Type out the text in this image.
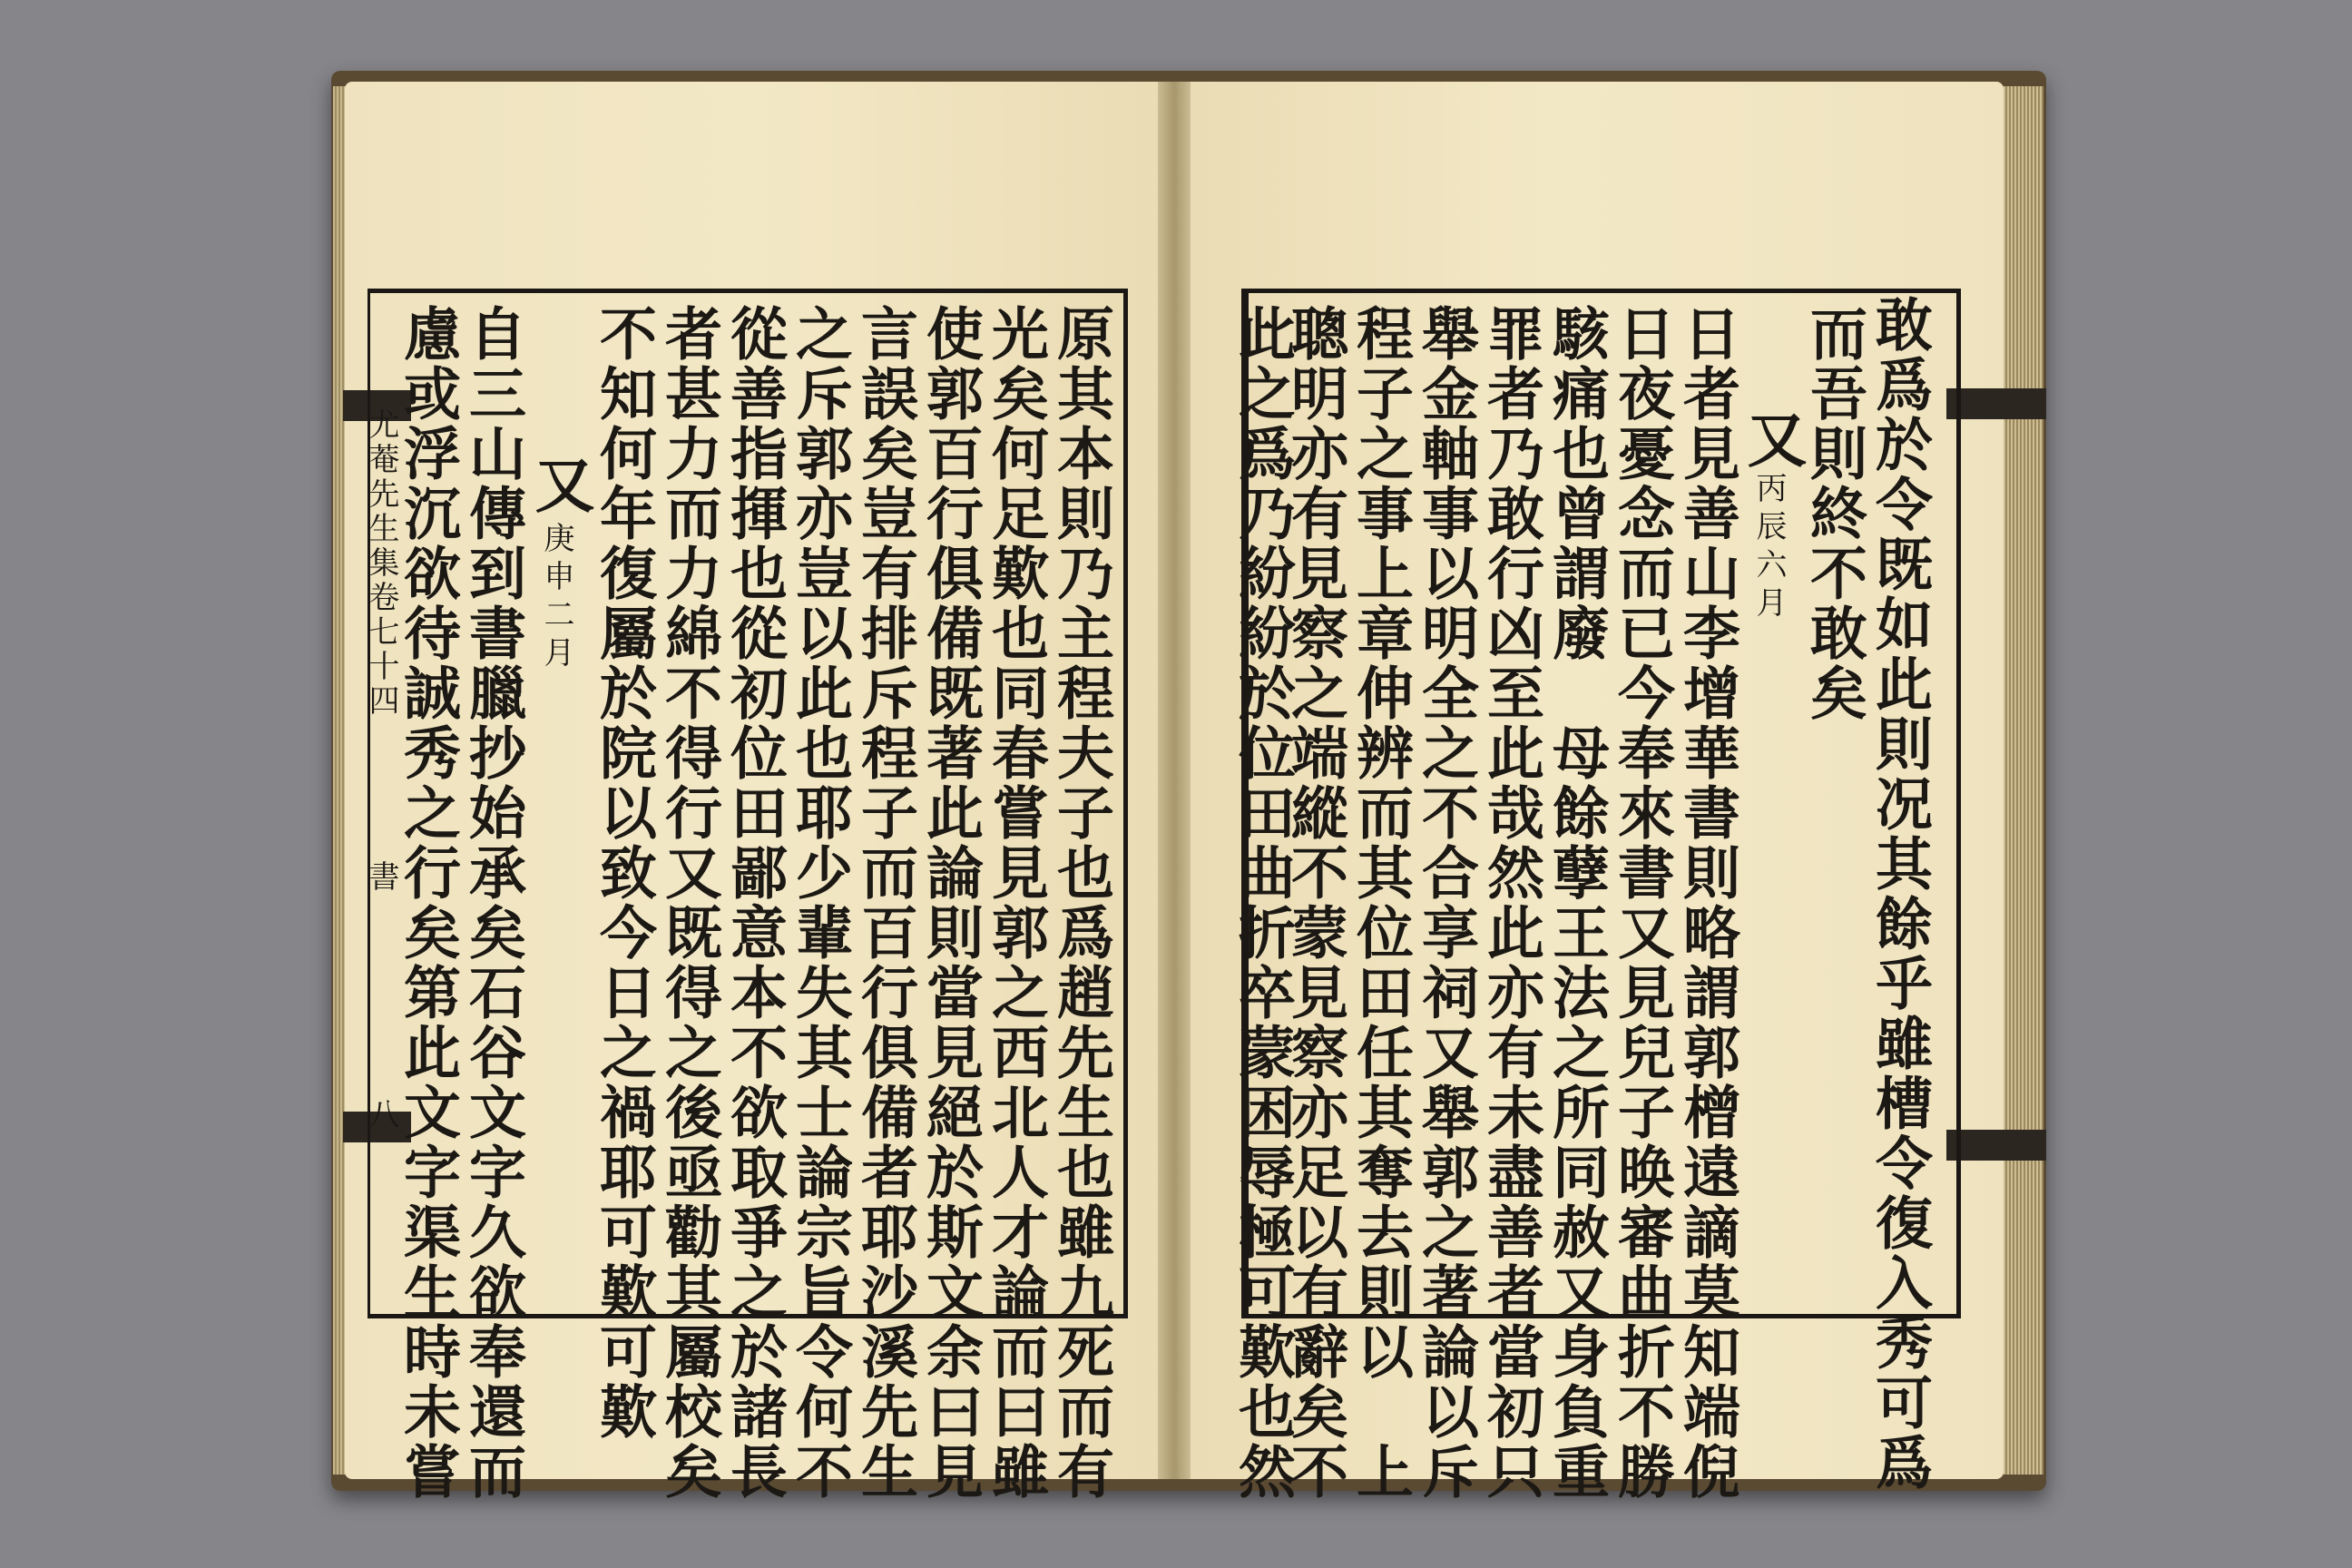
尤菴先生集卷七十四
書
八	原其本則乃主程夫子也爲趙先生也雖九死而有
光矣何足歎也同春嘗見郭之西北人才論而曰雖
使郭百行俱備既著此論則當見絕於斯文余曰見
言誤矣豈有排斥程子而百行俱備者耶沙溪先生
之斥郭亦豈以此也耶少輩失其士論宗旨令何不
從善指揮也從初位田鄙意本不欲取爭之於諸長
者甚力而力綿不得行又既得之後亟勸其屬校矣
不知何年復屬於院以致今日之禍耶可歎可歎
又
庚申二月
自三山傳到書臘抄始承矣石谷文字久欲奉還而
慮或浮沉欲待誠秀之行矣第此文字渠生時未嘗	敢爲於令既如此則况其餘乎雖槽令復入秀可爲
而吾則終不敢矣
又
丙辰六月
日者見善山李增華書則略謂郭橧遠謫莫知端倪
日夜憂念而已今奉來書又見兒子㬇審曲折不勝
駭痛也曾謂廢　母餘孽王法之所同赦又身負重
罪者乃敢行凶至此哉然此亦有未盡善者當初只
舉金軸事以明全之不合享祠又舉郭之著論以斥
程子之事上章伸辨而其位田任其奪去則以　上
聰明亦有見察之端縱不蒙見察亦足以有辭矣不
此之爲乃紛紛於位田曲折卒蒙困辱極可歎也然
